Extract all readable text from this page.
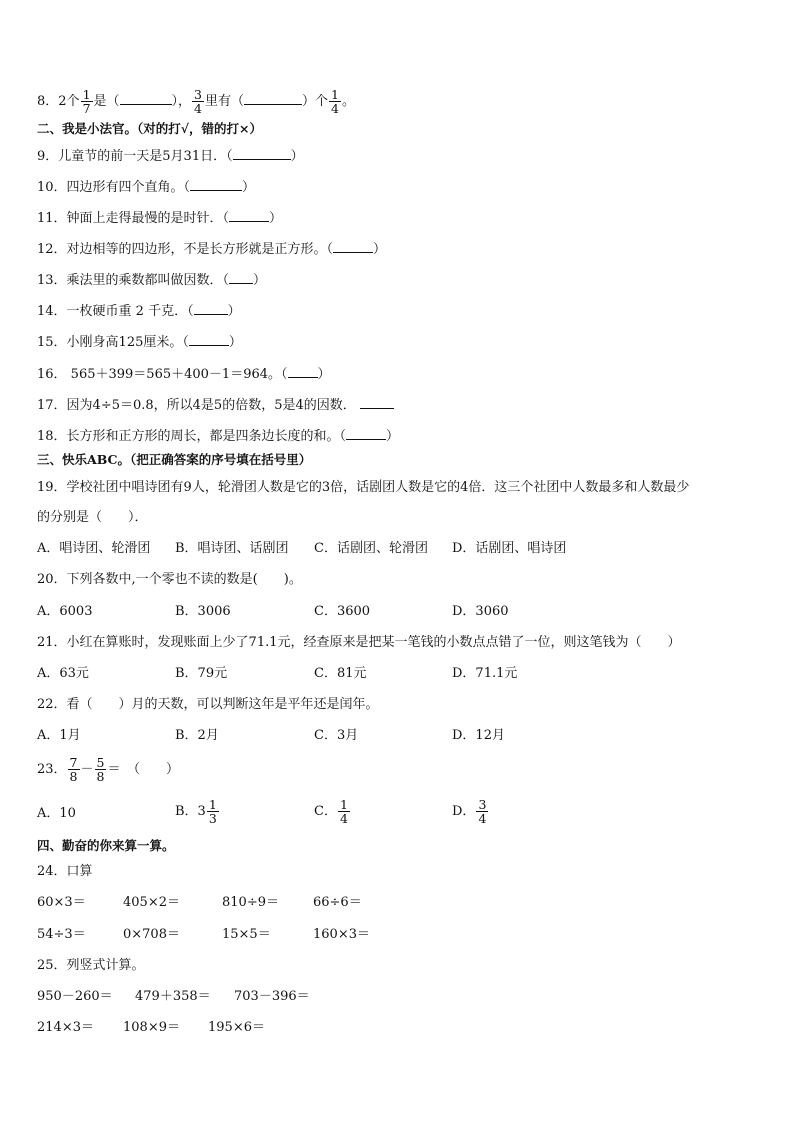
8．2个 $\frac{1}{7}$ 是（	）， $\frac{3}{4}$ 里有（	）个 $\frac{1}{4}$ 。
二、我是小法官。（对的打√，错的打×）
9．儿童节的前一天是5月31日．（	）
10．四边形有四个直角。（	）
11．钟面上走得最慢的是时针．（	）
12．对边相等的四边形，不是长方形就是正方形。（	）
13．乘法里的乘数都叫做因数．（ ）
14．一枚硬币重 2 千克．（	）
15．小刚身高125厘米。（	）
16． 565＋399＝565＋400－1＝964。（ ）
17．因为4÷5＝0.8，所以4是5的倍数，5是4的因数．
18．长方形和正方形的周长，都是四条边长度的和。（	）
三、快乐ABC。（把正确答案的序号填在括号里）
19．学校社团中唱诗团有9人，轮滑团人数是它的3倍，话剧团人数是它的4倍．这三个社团中人数最多和人数最少
的分别是（　　）．
A．唱诗团、轮滑团 B．唱诗团、话剧团 C．话剧团、轮滑团 D．话剧团、唱诗团
20．下列各数中,一个零也不读的数是(　　)。
A．6003	B．3006	C．3600	D．3060
21．小红在算账时，发现账面上少了71.1元，经查原来是把某一笔钱的小数点点错了一位，则这笔钱为（　　）
A．63元	B．79元	C．81元	D．71.1元
22．看（　　）月的天数，可以判断这年是平年还是闰年。
A．1月	B．2月	C．3月	D．12月
23． $\frac{7}{8} - \frac{5}{8}$ ＝　（　　）
A．10	B．$3 \frac{1}{3}$	C． $\frac{1}{4}$	D． $\frac{3}{4}$
四、勤奋的你来算一算。
24．口算
60×3＝	405×2＝	810÷9＝	66÷6＝
54÷3＝	0×708＝	15×5＝	160×3＝
25．列竖式计算。
950－260＝ 479＋358＝ 703－396＝
214×3＝ 108×9＝ 195×6＝
